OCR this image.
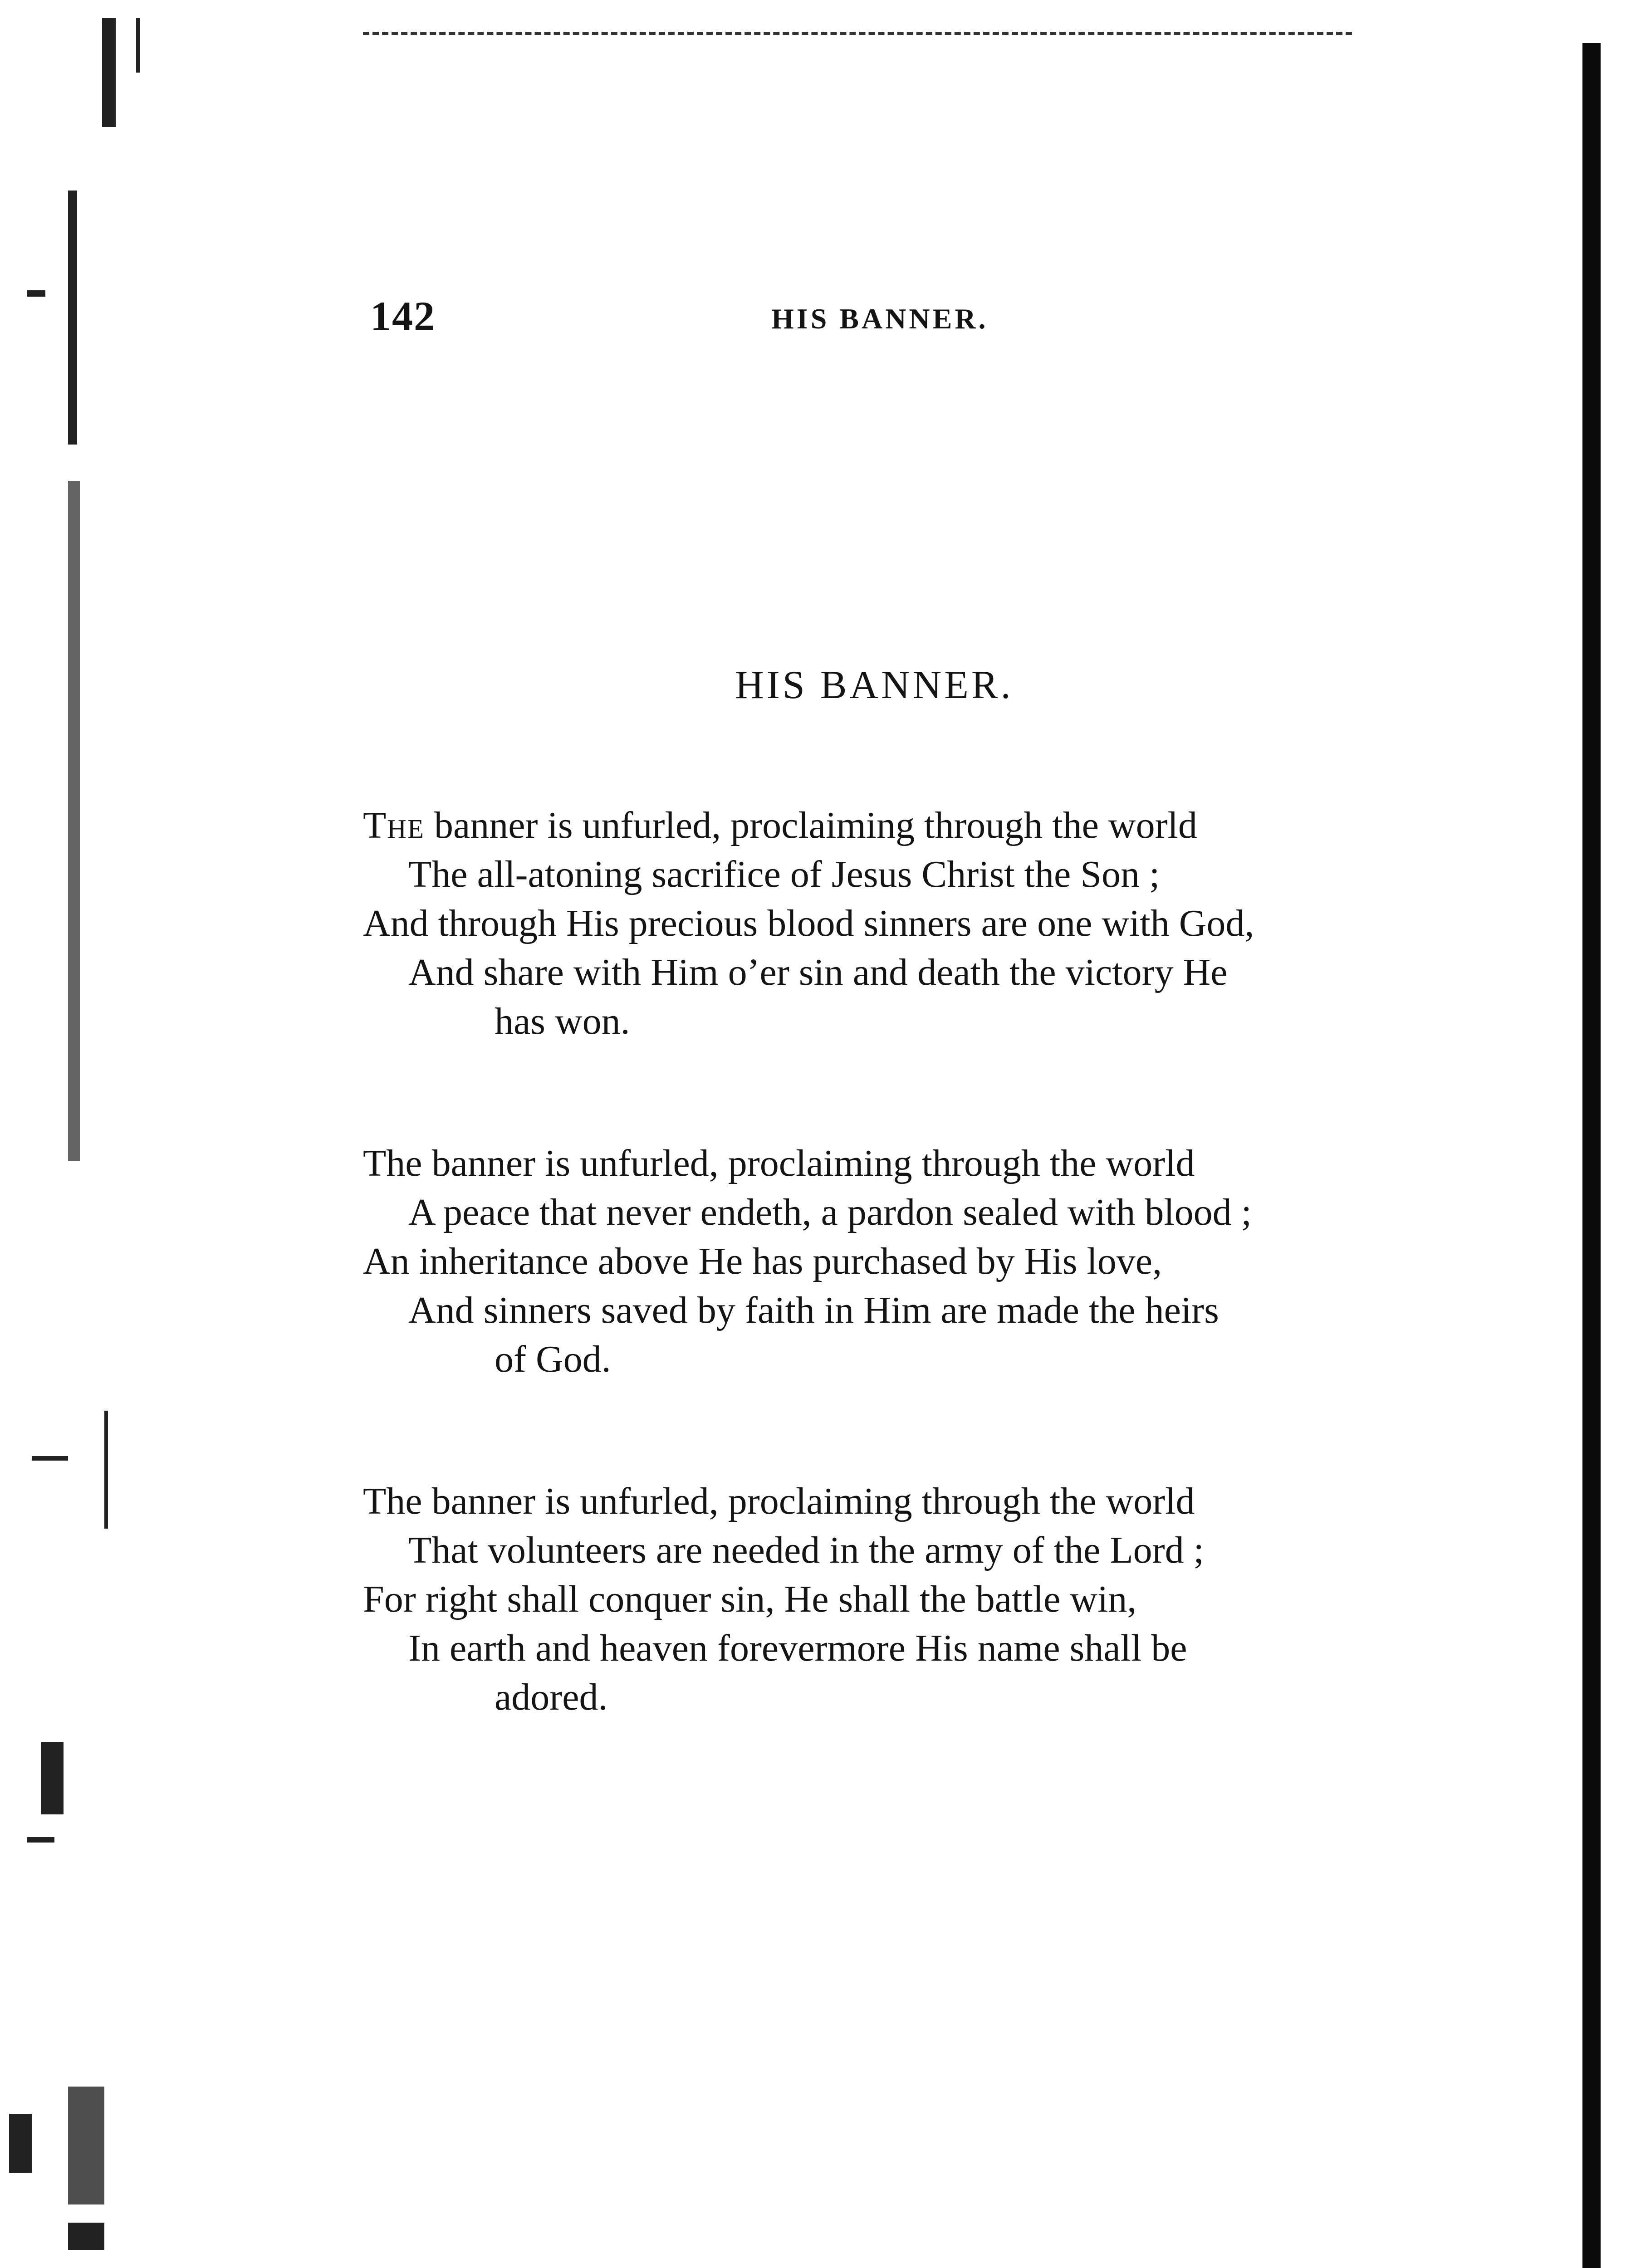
142	HIS BANNER.
HIS BANNER.
The banner is unfurled, proclaiming through the world
The all-atoning sacrifice of Jesus Christ the Son ;
And through His precious blood sinners are one with God,
And share with Him o’er sin and death the victory He
has won.
The banner is unfurled, proclaiming through the world
A peace that never endeth, a pardon sealed with blood ;
An inheritance above He has purchased by His love,
And sinners saved by faith in Him are made the heirs
of God.
The banner is unfurled, proclaiming through the world
That volunteers are needed in the army of the Lord ;
For right shall conquer sin, He shall the battle win,
In earth and heaven forevermore His name shall be
adored.
